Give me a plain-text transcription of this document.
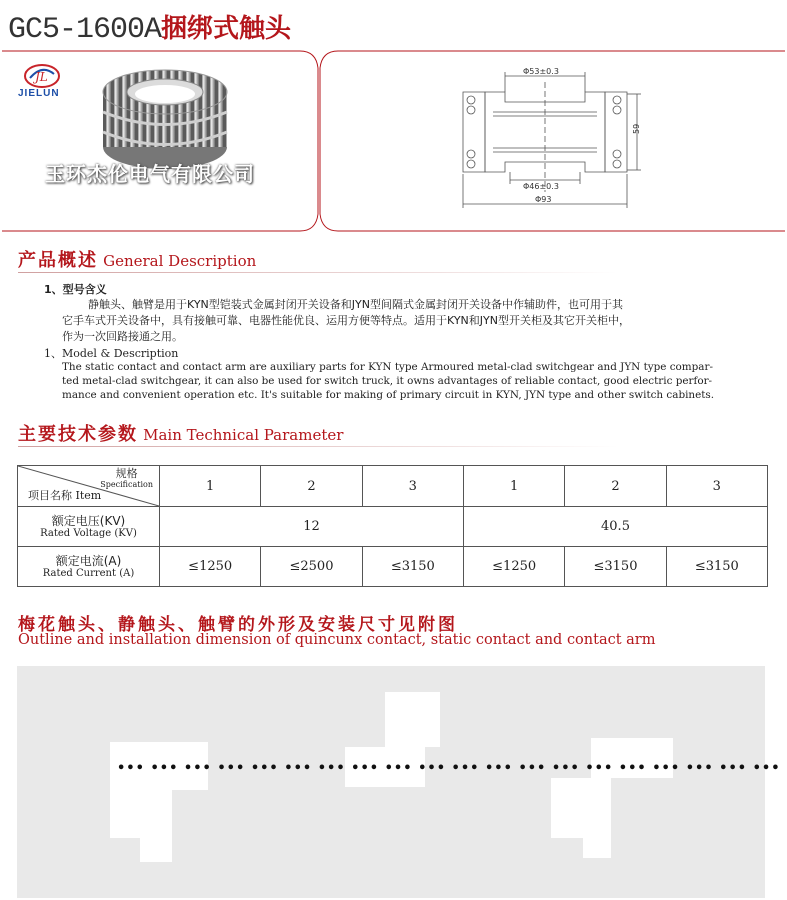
GC5-1600A捆绑式触头
JL
JIELUN
玉环杰伦电气有限公司
Φ53±0.3
Φ46±0.3
Φ93
59
产品概述 General Description
1、型号含义
静触头、触臂是用于KYN型铠装式金属封闭开关设备和JYN型间隔式金属封闭开关设备中作辅助件，也可用于其
它手车式开关设备中，具有接触可靠、电器性能优良、运用方便等特点。适用于KYN和JYN型开关柜及其它开关柜中，
作为一次回路接通之用。
1、Model & Description
The static contact and contact arm are auxiliary parts for KYN type Armoured metal-clad switchgear and JYN type compar-
ted metal-clad switchgear, it can also be used for switch truck, it owns advantages of reliable contact, good electric perfor-
mance and convenient operation etc. It's suitable for making of primary circuit in KYN, JYN type and other switch cabinets.
主要技术参数 Main Technical Parameter
规格
Specification
项目名称 Item	1	2	3	1	2	3

额定电压(KV)
Rated Voltage (KV)	12			40.5		

额定电流(A)
Rated Current (A)	≤1250	≤2500	≤3150	≤1250	≤3150	≤3150
梅花触头、静触头、触臂的外形及安装尺寸见附图
Outline and installation dimension of quincunx contact, static contact and contact arm
••• ••• ••• ••• ••• ••• ••• ••• ••• ••• ••• ••• ••• ••• ••• ••• ••• ••• ••• •••
